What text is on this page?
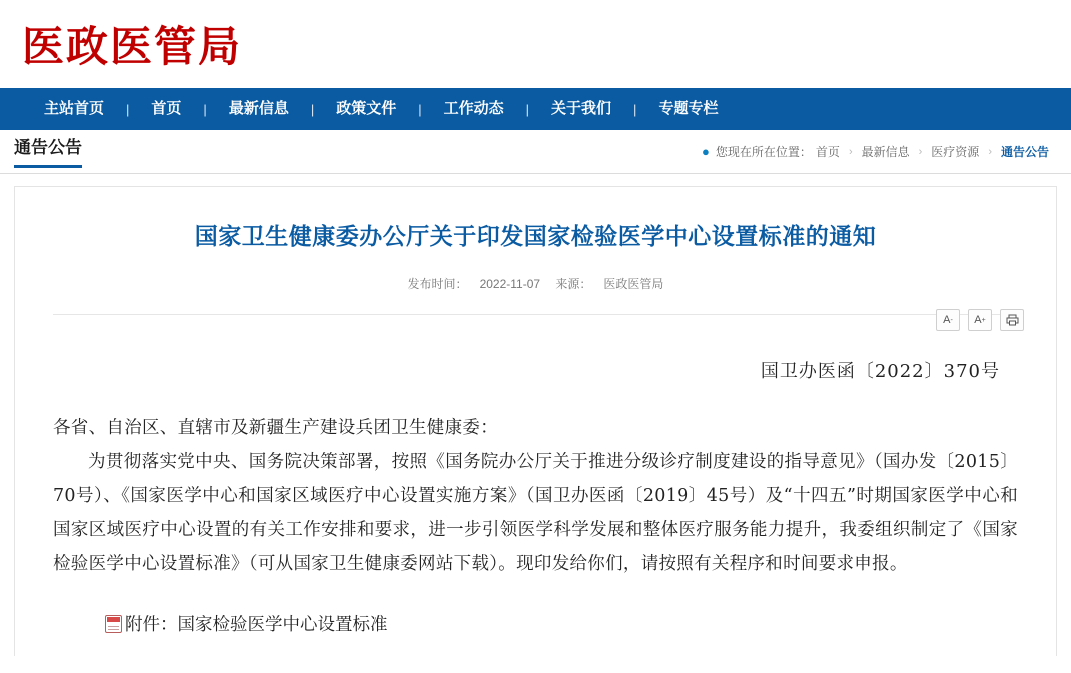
医政医管局
主站首页	|	首页	|	最新信息	|	政策文件	|	工作动态	|	关于我们	|	专题专栏
通告公告	● 您现在所在位置： 首页 › 最新信息 › 医疗资源 › 通告公告
国家卫生健康委办公厅关于印发国家检验医学中心设置标准的通知
发布时间： 2022-11-07 来源： 医政医管局
A - A +
国卫办医函〔2022〕370号

各省、自治区、直辖市及新疆生产建设兵团卫生健康委：

为贯彻落实党中央、国务院决策部署，按照《国务院办公厅关于推进分级诊疗制度建设的指导意见》（国办发〔2015〕70号）、《国家医学中心和国家区域医疗中心设置实施方案》（国卫办医函〔2019〕45号）及“十四五”时期国家医学中心和国家区域医疗中心设置的有关工作安排和要求，进一步引领医学科学发展和整体医疗服务能力提升，我委组织制定了《国家检验医学中心设置标准》（可从国家卫生健康委网站下载）。现印发给你们，请按照有关程序和时间要求申报。

附件： 国家检验医学中心设置标准
